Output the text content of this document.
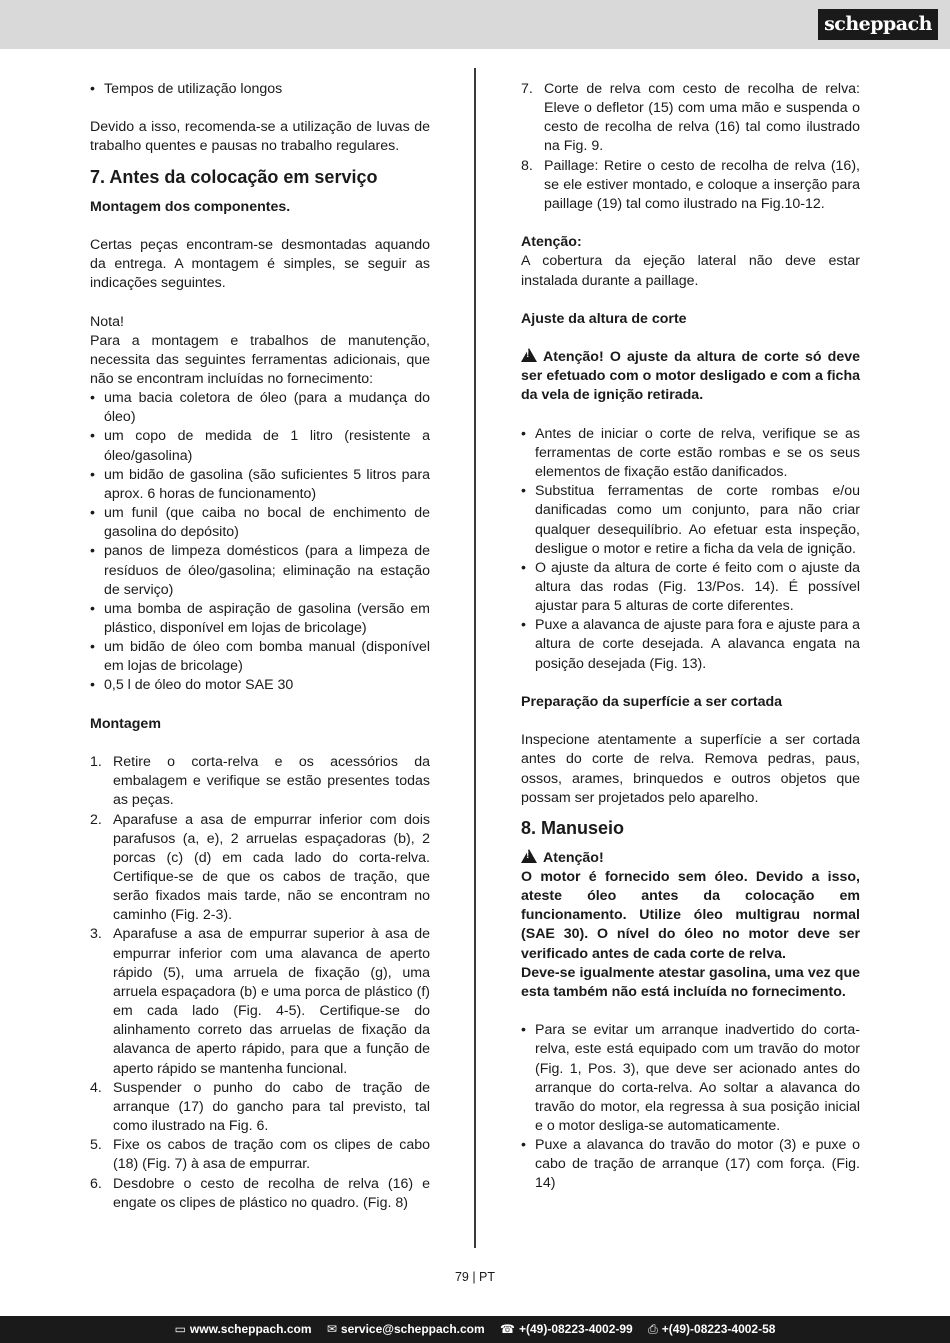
scheppach
• Tempos de utilização longos

Devido a isso, recomenda-se a utilização de luvas de trabalho quentes e pausas no trabalho regulares.

7. Antes da colocação em serviço

Montagem dos componentes.

Certas peças encontram-se desmontadas aquando da entrega. A montagem é simples, se seguir as indicações seguintes.

Nota!

Para a montagem e trabalhos de manutenção, necessita das seguintes ferramentas adicionais, que não se encontram incluídas no fornecimento:

• uma bacia coletora de óleo (para a mudança do óleo)
• um copo de medida de 1 litro (resistente a óleo/gasolina)
• um bidão de gasolina (são suficientes 5 litros para aprox. 6 horas de funcionamento)
• um funil (que caiba no bocal de enchimento de gasolina do depósito)
• panos de limpeza domésticos (para a limpeza de resíduos de óleo/gasolina; eliminação na estação de serviço)
• uma bomba de aspiração de gasolina (versão em plástico, disponível em lojas de bricolage)
• um bidão de óleo com bomba manual (disponível em lojas de bricolage)
• 0,5 l de óleo do motor SAE 30

Montagem

1. Retire o corta-relva e os acessórios da embalagem e verifique se estão presentes todas as peças.
2. Aparafuse a asa de empurrar inferior com dois parafusos (a, e), 2 arruelas espaçadoras (b), 2 porcas (c) (d) em cada lado do corta-relva. Certifique-se de que os cabos de tração, que serão fixados mais tarde, não se encontram no caminho (Fig. 2-3).
3. Aparafuse a asa de empurrar superior à asa de empurrar inferior com uma alavanca de aperto rápido (5), uma arruela de fixação (g), uma arruela espaçadora (b) e uma porca de plástico (f) em cada lado (Fig. 4-5). Certifique-se do alinhamento correto das arruelas de fixação da alavanca de aperto rápido, para que a função de aperto rápido se mantenha funcional.
4. Suspender o punho do cabo de tração de arranque (17) do gancho para tal previsto, tal como ilustrado na Fig. 6.
5. Fixe os cabos de tração com os clipes de cabo (18) (Fig. 7) à asa de empurrar.
6. Desdobre o cesto de recolha de relva (16) e engate os clipes de plástico no quadro. (Fig. 8)
7. Corte de relva com cesto de recolha de relva: Eleve o defletor (15) com uma mão e suspenda o cesto de recolha de relva (16) tal como ilustrado na Fig. 9.
8. Paillage: Retire o cesto de recolha de relva (16), se ele estiver montado, e coloque a inserção para paillage (19) tal como ilustrado na Fig.10-12.

Atenção:

A cobertura da ejeção lateral não deve estar instalada durante a paillage.

Ajuste da altura de corte

!Atenção! O ajuste da altura de corte só deve ser efetuado com o motor desligado e com a ficha da vela de ignição retirada.

• Antes de iniciar o corte de relva, verifique se as ferramentas de corte estão rombas e se os seus elementos de fixação estão danificados.
• Substitua ferramentas de corte rombas e/ou danificadas como um conjunto, para não criar qualquer desequilíbrio. Ao efetuar esta inspeção, desligue o motor e retire a ficha da vela de ignição.
• O ajuste da altura de corte é feito com o ajuste da altura das rodas (Fig. 13/Pos. 14). É possível ajustar para 5 alturas de corte diferentes.
• Puxe a alavanca de ajuste para fora e ajuste para a altura de corte desejada. A alavanca engata na posição desejada (Fig. 13).

Preparação da superfície a ser cortada

Inspecione atentamente a superfície a ser cortada antes do corte de relva. Remova pedras, paus, ossos, arames, brinquedos e outros objetos que possam ser projetados pelo aparelho.

8. Manuseio

!Atenção!

O motor é fornecido sem óleo. Devido a isso, ateste óleo antes da colocação em funcionamento. Utilize óleo multigrau normal (SAE 30). O nível do óleo no motor deve ser verificado antes de cada corte de relva.

Deve-se igualmente atestar gasolina, uma vez que esta também não está incluída no fornecimento.

• Para se evitar um arranque inadvertido do corta-relva, este está equipado com um travão do motor (Fig. 1, Pos. 3), que deve ser acionado antes do arranque do corta-relva. Ao soltar a alavanca do travão do motor, ela regressa à sua posição inicial e o motor desliga-se automaticamente.
• Puxe a alavanca do travão do motor (3) e puxe o cabo de tração de arranque (17) com força. (Fig. 14)
79 | PT
▭ www.scheppach.com ✉ service@scheppach.com ☎ +(49)-08223-4002-99 ⎙ +(49)-08223-4002-58
